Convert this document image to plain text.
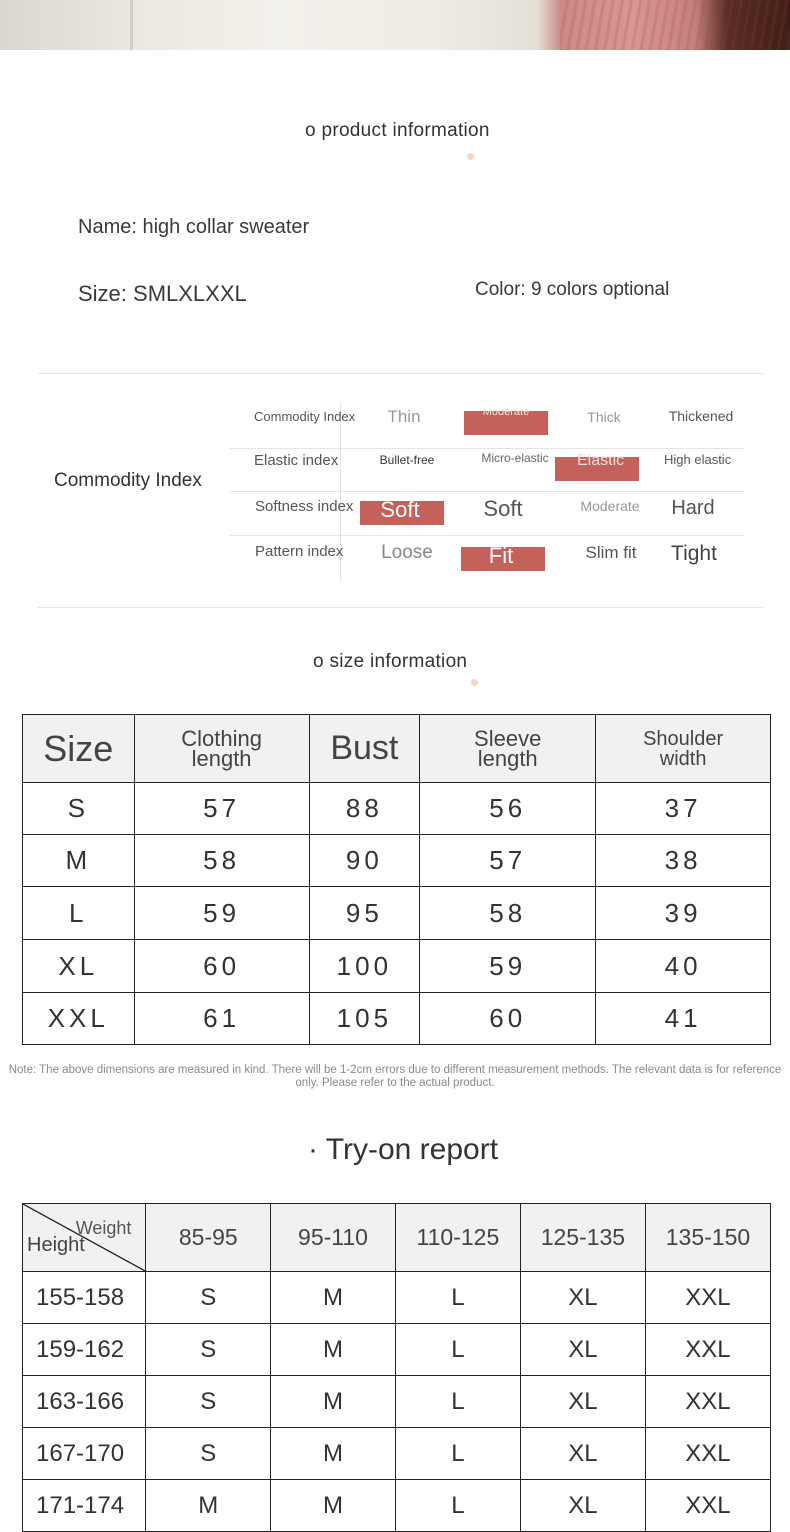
o product information
Name: high collar sweater
Size: SMLXLXXL	Color: 9 colors optional
Commodity Index
Commodity Index	Thin	Moderate	Thick	Thickened
Elastic index	Bullet-free	Micro-elastic	Elastic	High elastic
Softness index	Soft	Soft	Moderate	Hard
Pattern index	Loose	Fit	Slim fit	Tight
o size information
Size	Clothing length	Bust	Sleeve length	Shoulder width
S	57	88	56	37
M	58	90	57	38
L	59	95	58	39
XL	60	100	59	40
XXL	61	105	60	41
Note: The above dimensions are measured in kind. There will be 1-2cm errors due to different measurement methods. The relevant data is for reference only. Please refer to the actual product.
· Try-on report
Weight
Height	85-95	95-110	110-125	125-135	135-150
155-158	S	M	L	XL	XXL
159-162	S	M	L	XL	XXL
163-166	S	M	L	XL	XXL
167-170	S	M	L	XL	XXL
171-174	M	M	L	XL	XXL
